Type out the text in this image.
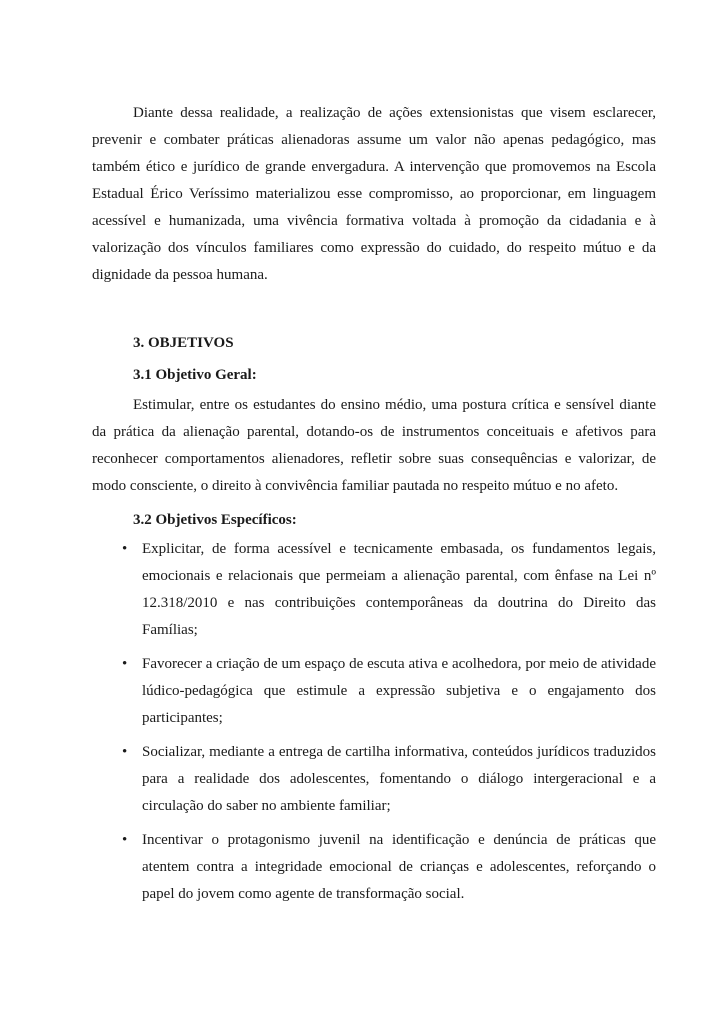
Diante dessa realidade, a realização de ações extensionistas que visem esclarecer, prevenir e combater práticas alienadoras assume um valor não apenas pedagógico, mas também ético e jurídico de grande envergadura. A intervenção que promovemos na Escola Estadual Érico Veríssimo materializou esse compromisso, ao proporcionar, em linguagem acessível e humanizada, uma vivência formativa voltada à promoção da cidadania e à valorização dos vínculos familiares como expressão do cuidado, do respeito mútuo e da dignidade da pessoa humana.

3. OBJETIVOS

3.1 Objetivo Geral:

Estimular, entre os estudantes do ensino médio, uma postura crítica e sensível diante da prática da alienação parental, dotando-os de instrumentos conceituais e afetivos para reconhecer comportamentos alienadores, refletir sobre suas consequências e valorizar, de modo consciente, o direito à convivência familiar pautada no respeito mútuo e no afeto.

3.2 Objetivos Específicos:

• Explicitar, de forma acessível e tecnicamente embasada, os fundamentos legais, emocionais e relacionais que permeiam a alienação parental, com ênfase na Lei nº 12.318/2010 e nas contribuições contemporâneas da doutrina do Direito das Famílias;
• Favorecer a criação de um espaço de escuta ativa e acolhedora, por meio de atividade lúdico-pedagógica que estimule a expressão subjetiva e o engajamento dos participantes;
• Socializar, mediante a entrega de cartilha informativa, conteúdos jurídicos traduzidos para a realidade dos adolescentes, fomentando o diálogo intergeracional e a circulação do saber no ambiente familiar;
• Incentivar o protagonismo juvenil na identificação e denúncia de práticas que atentem contra a integridade emocional de crianças e adolescentes, reforçando o papel do jovem como agente de transformação social.
